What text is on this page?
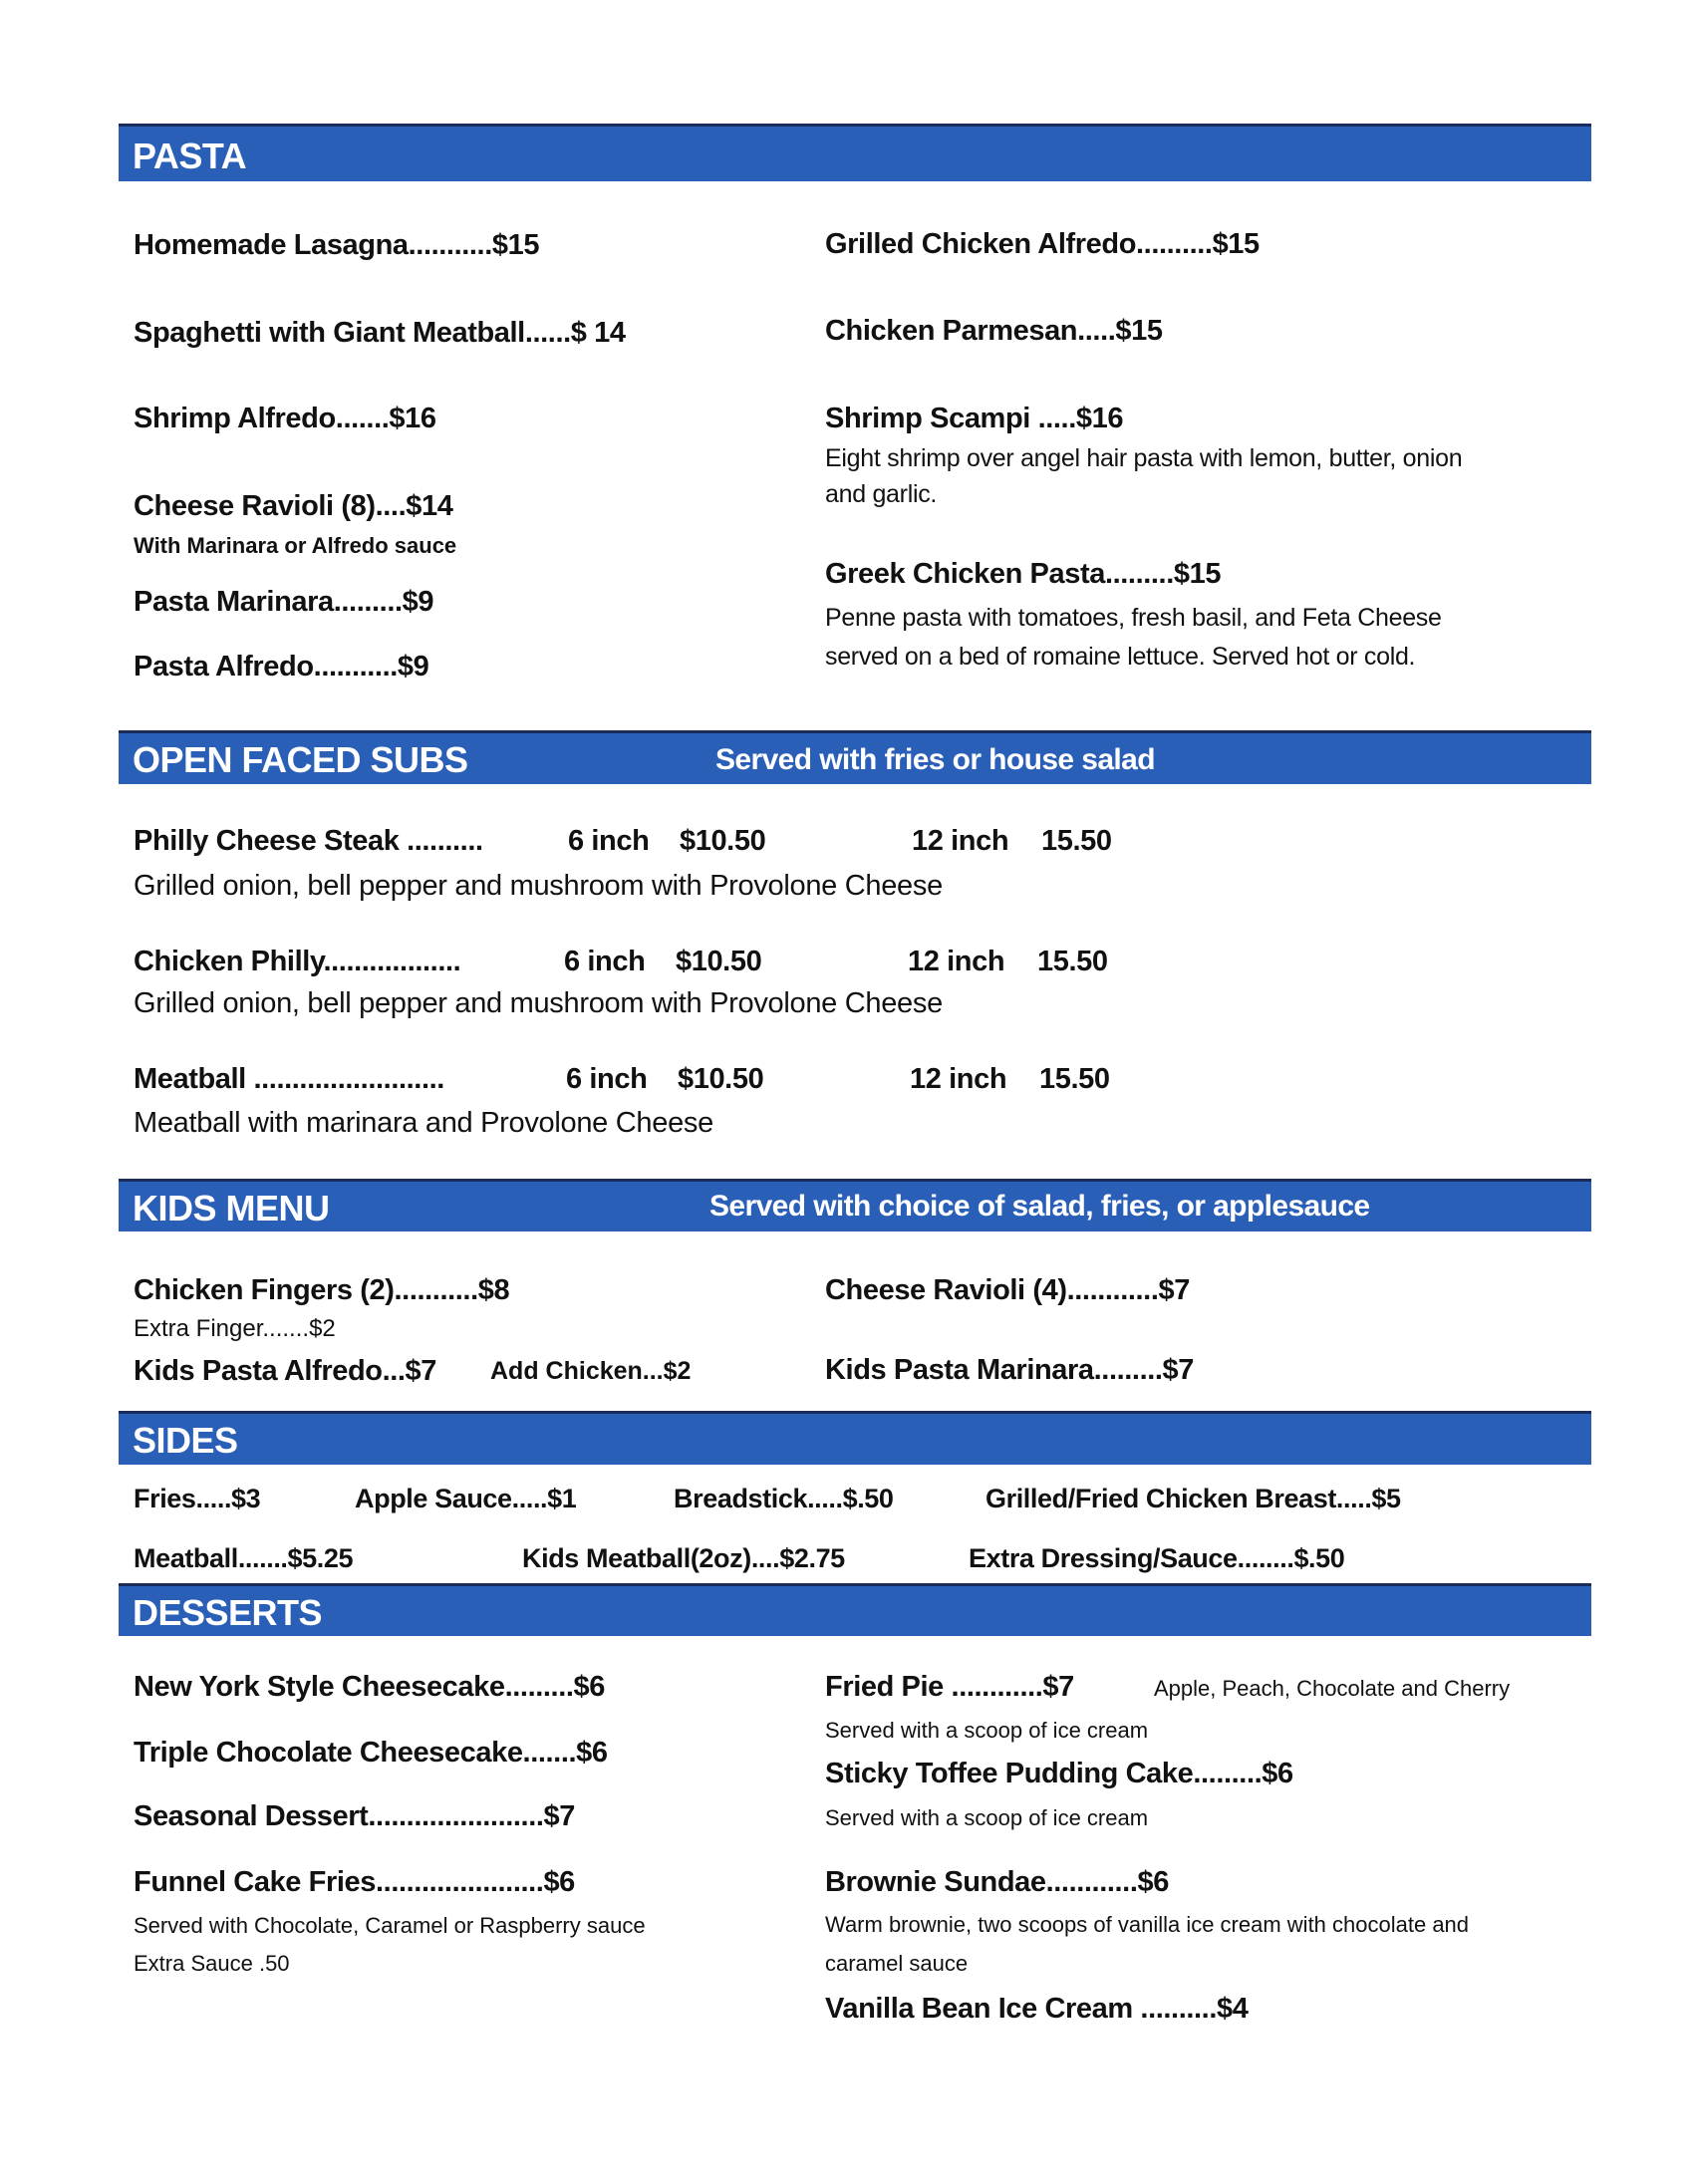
PASTA
Homemade Lasagna...........$15
Spaghetti with Giant Meatball......$ 14
Shrimp Alfredo.......$16
Cheese Ravioli (8)....$14
With Marinara or Alfredo sauce
Pasta Marinara.........$9
Pasta Alfredo...........$9
Grilled Chicken Alfredo..........$15
Chicken Parmesan.....$15
Shrimp Scampi .....$16
Eight shrimp over angel hair pasta with lemon, butter, onion
and garlic.
Greek Chicken Pasta.........$15
Penne pasta with tomatoes, fresh basil, and Feta Cheese
served on a bed of romaine lettuce. Served hot or cold.
OPEN FACED SUBS	Served with fries or house salad
Philly Cheese Steak ..........	6 inch $10.50	12 inch 15.50
Grilled onion, bell pepper and mushroom with Provolone Cheese
Chicken Philly..................	6 inch $10.50	12 inch 15.50
Grilled onion, bell pepper and mushroom with Provolone Cheese
Meatball .........................	6 inch $10.50	12 inch 15.50
Meatball with marinara and Provolone Cheese
KIDS MENU	Served with choice of salad, fries, or applesauce
Chicken Fingers (2)...........$8
Extra Finger.......$2
Kids Pasta Alfredo...$7 Add Chicken...$2
Cheese Ravioli (4)............$7
Kids Pasta Marinara.........$7
SIDES
Fries.....$3	Apple Sauce.....$1	Breadstick.....$.50	Grilled/Fried Chicken Breast.....$5
Meatball.......$5.25	Kids Meatball(2oz)....$2.75	Extra Dressing/Sauce........$.50
DESSERTS
New York Style Cheesecake.........$6
Triple Chocolate Cheesecake.......$6
Seasonal Dessert.......................$7
Funnel Cake Fries......................$6
Served with Chocolate, Caramel or Raspberry sauce
Extra Sauce .50
Fried Pie ............$7	Apple, Peach, Chocolate and Cherry
Served with a scoop of ice cream
Sticky Toffee Pudding Cake.........$6
Served with a scoop of ice cream
Brownie Sundae............$6
Warm brownie, two scoops of vanilla ice cream with chocolate and
caramel sauce
Vanilla Bean Ice Cream ..........$4
